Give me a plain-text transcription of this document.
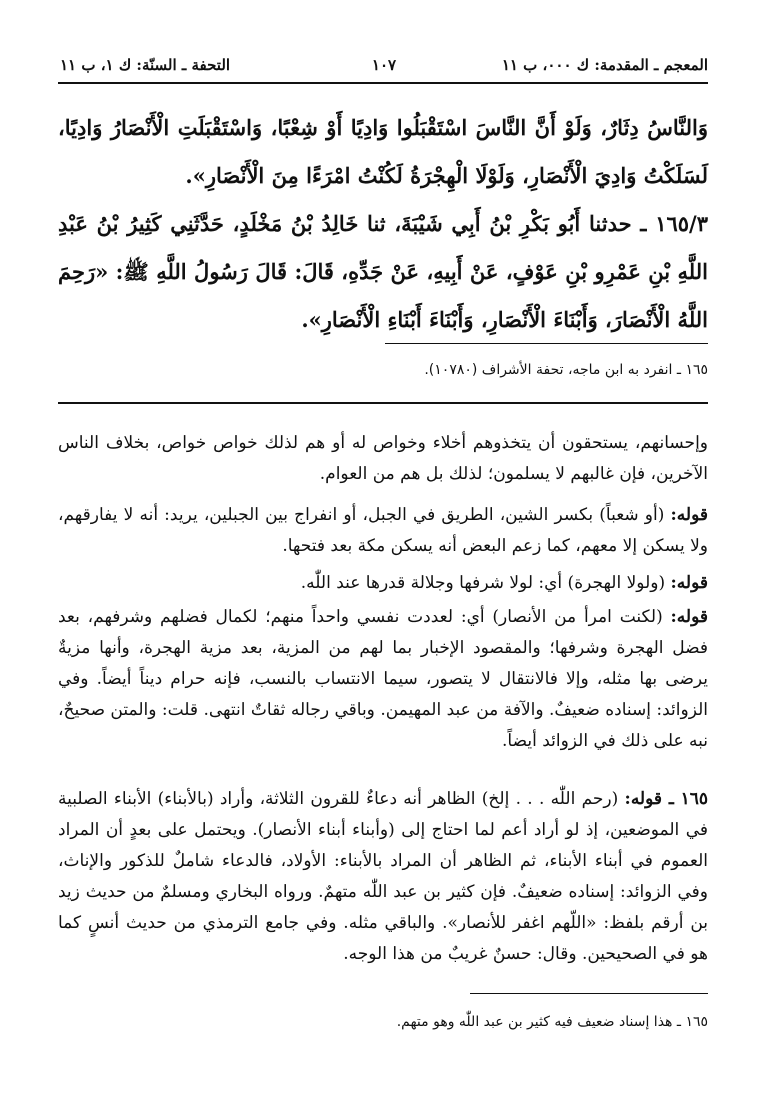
المعجم ـ المقدمة: ك ٠٠٠، ب ١١
١٠٧
التحفة ـ السنّة: ك ١، ب ١١

وَالنَّاسُ دِثَارٌ، وَلَوْ أَنَّ النَّاسَ اسْتَقْبَلُوا وَادِيًا أَوْ شِعْبًا، وَاسْتَقْبَلَتِ الْأَنْصَارُ وَادِيًا، لَسَلَكْتُ وَادِيَ الْأَنْصَارِ، وَلَوْلَا الْهِجْرَةُ لَكُنْتُ امْرَءًا مِنَ الْأَنْصَارِ».

١٦٥/٣ ـ حدثنا أَبُو بَكْرِ بْنُ أَبِي شَيْبَةَ، ثنا خَالِدُ بْنُ مَخْلَدٍ، حَدَّثَنِي كَثِيرُ بْنُ عَبْدِ اللَّهِ بْنِ عَمْرِو بْنِ عَوْفٍ، عَنْ أَبِيهِ، عَنْ جَدِّهِ، قَالَ: قَالَ رَسُولُ اللَّهِ ﷺ: «رَحِمَ اللَّهُ الْأَنْصَارَ، وَأَبْنَاءَ الْأَنْصَارِ، وَأَبْنَاءَ أَبْنَاءِ الْأَنْصَارِ».

١٦٥ ـ انفرد به ابن ماجه، تحفة الأشراف (١٠٧٨٠).

وإحسانهم، يستحقون أن يتخذوهم أخلاء وخواص له أو هم لذلك خواص خواص، بخلاف الناس الآخرين، فإن غالبهم لا يسلمون؛ لذلك بل هم من العوام.

قوله: (أو شعباً) بكسر الشين، الطريق في الجبل، أو انفراج بين الجبلين، يريد: أنه لا يفارقهم، ولا يسكن إلا معهم، كما زعم البعض أنه يسكن مكة بعد فتحها.

قوله: (ولولا الهجرة) أي: لولا شرفها وجلالة قدرها عند اللّٰه.

قوله: (لكنت امرأ من الأنصار) أي: لعددت نفسي واحداً منهم؛ لكمال فضلهم وشرفهم، بعد فضل الهجرة وشرفها؛ والمقصود الإخبار بما لهم من المزية، بعد مزية الهجرة، وأنها مزيةٌ يرضى بها مثله، وإلا فالانتقال لا يتصور، سيما الانتساب بالنسب، فإنه حرام ديناً أيضاً. وفي الزوائد: إسناده ضعيفٌ. والآفة من عبد المهيمن. وباقي رجاله ثقاتٌ انتهى. قلت: والمتن صحيحٌ، نبه على ذلك في الزوائد أيضاً.

١٦٥ ـ قوله: (رحم اللّٰه . . . إلخ) الظاهر أنه دعاءٌ للقرون الثلاثة، وأراد (بالأبناء) الأبناء الصلبية في الموضعين، إذ لو أراد أعم لما احتاج إلى (وأبناء أبناء الأنصار). ويحتمل على بعدٍ أن المراد العموم في أبناء الأبناء، ثم الظاهر أن المراد بالأبناء: الأولاد، فالدعاء شاملٌ للذكور والإناث، وفي الزوائد: إسناده ضعيفٌ. فإن كثير بن عبد اللّٰه متهمٌ. ورواه البخاري ومسلمٌ من حديث زيد بن أرقم بلفظ: «اللّهم اغفر للأنصار». والباقي مثله. وفي جامع الترمذي من حديث أنسٍ كما هو في الصحيحين. وقال: حسنٌ غريبٌ من هذا الوجه.

١٦٥ ـ هذا إسناد ضعيف فيه كثير بن عبد اللّٰه وهو متهم.
